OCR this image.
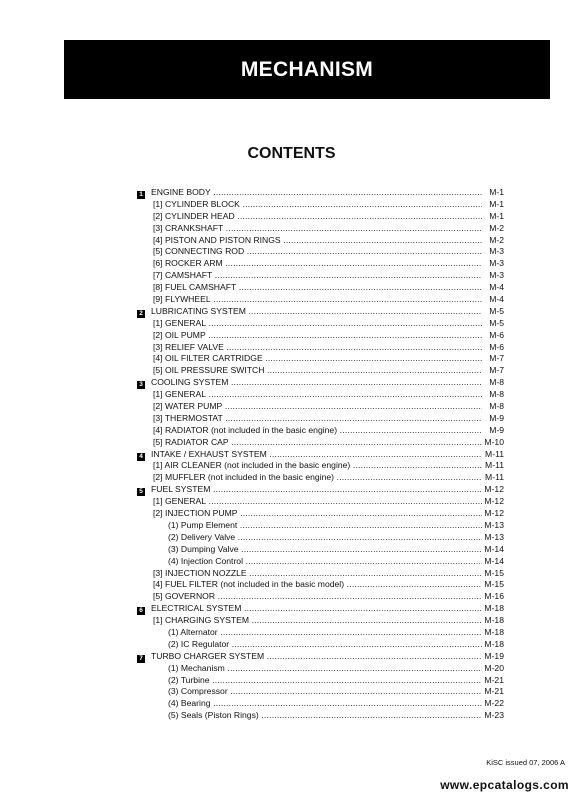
MECHANISM
CONTENTS
1 ENGINE BODY .....	M-1
[1] CYLINDER BLOCK .....	M-1
[2] CYLINDER HEAD .....	M-1
[3] CRANKSHAFT .....	M-2
[4] PISTON AND PISTON RINGS .....	M-2
[5] CONNECTING ROD .....	M-3
[6] ROCKER ARM .....	M-3
[7] CAMSHAFT .....	M-3
[8] FUEL CAMSHAFT .....	M-4
[9] FLYWHEEL .....	M-4
2 LUBRICATING SYSTEM .....	M-5
[1] GENERAL .....	M-5
[2] OIL PUMP .....	M-6
[3] RELIEF VALVE .....	M-6
[4] OIL FILTER CARTRIDGE .....	M-7
[5] OIL PRESSURE SWITCH .....	M-7
3 COOLING SYSTEM .....	M-8
[1] GENERAL .....	M-8
[2] WATER PUMP .....	M-8
[3] THERMOSTAT .....	M-9
[4] RADIATOR (not included in the basic engine) .....	M-9
[5] RADIATOR CAP .....	M-10
4 INTAKE / EXHAUST SYSTEM .....	M-11
[1] AIR CLEANER (not included in the basic engine) .....	M-11
[2] MUFFLER (not included in the basic engine) .....	M-11
5 FUEL SYSTEM .....	M-12
[1] GENERAL .....	M-12
[2] INJECTION PUMP .....	M-12
(1) Pump Element .....	M-13
(2) Delivery Valve .....	M-13
(3) Dumping Valve .....	M-14
(4) Injection Control .....	M-14
[3] INJECTION NOZZLE .....	M-15
[4] FUEL FILTER (not included in the basic model) .....	M-15
[5] GOVERNOR .....	M-16
6 ELECTRICAL SYSTEM .....	M-18
[1] CHARGING SYSTEM .....	M-18
(1) Alternator .....	M-18
(2) IC Regulator .....	M-18
7 TURBO CHARGER SYSTEM .....	M-19
(1) Mechanism .....	M-20
(2) Turbine .....	M-21
(3) Compressor .....	M-21
(4) Bearing .....	M-22
(5) Seals (Piston Rings) .....	M-23
KiSC issued 07, 2006 A
www.epcatalogs.com
